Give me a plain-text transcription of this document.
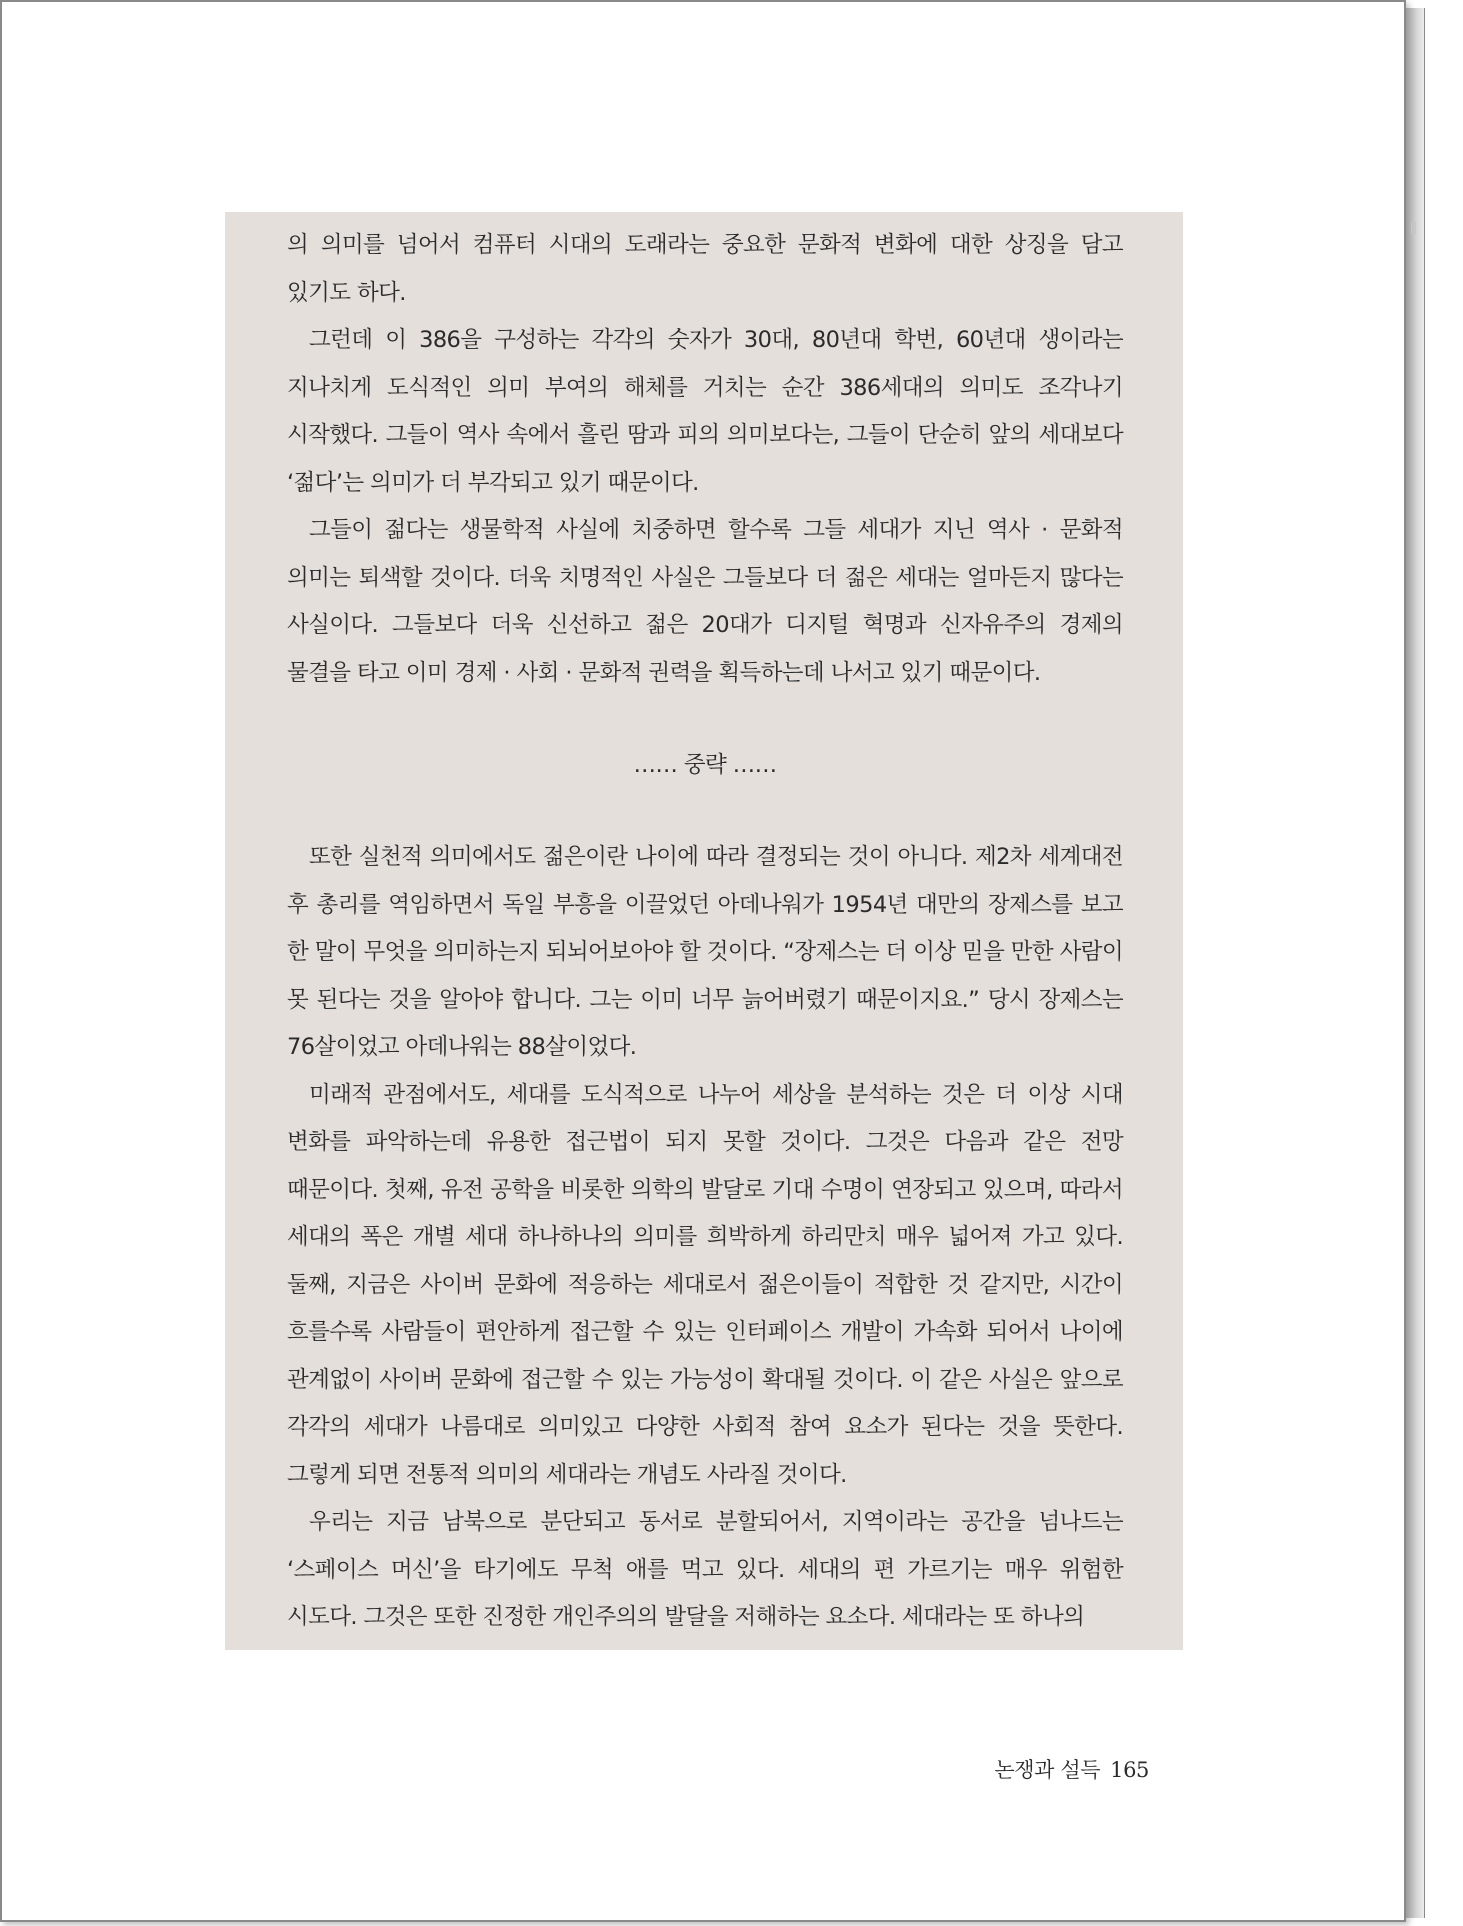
의 의미를 넘어서 컴퓨터 시대의 도래라는 중요한 문화적 변화에 대한 상징을 담고 있기도 하다.

그런데 이 386을 구성하는 각각의 숫자가 30대, 80년대 학번, 60년대 생이라는 지나치게 도식적인 의미 부여의 해체를 거치는 순간 386세대의 의미도 조각나기 시작했다. 그들이 역사 속에서 흘린 땀과 피의 의미보다는, 그들이 단순히 앞의 세대보다 ‘젊다’는 의미가 더 부각되고 있기 때문이다.

그들이 젊다는 생물학적 사실에 치중하면 할수록 그들 세대가 지닌 역사 · 문화적 의미는 퇴색할 것이다. 더욱 치명적인 사실은 그들보다 더 젊은 세대는 얼마든지 많다는 사실이다. 그들보다 더욱 신선하고 젊은 20대가 디지털 혁명과 신자유주의 경제의 물결을 타고 이미 경제 · 사회 · 문화적 권력을 획득하는데 나서고 있기 때문이다.

…… 중략 ……

또한 실천적 의미에서도 젊은이란 나이에 따라 결정되는 것이 아니다. 제2차 세계대전 후 총리를 역임하면서 독일 부흥을 이끌었던 아데나워가 1954년 대만의 장제스를 보고 한 말이 무엇을 의미하는지 되뇌어보아야 할 것이다. “장제스는 더 이상 믿을 만한 사람이 못 된다는 것을 알아야 합니다. 그는 이미 너무 늙어버렸기 때문이지요.” 당시 장제스는 76살이었고 아데나워는 88살이었다.

미래적 관점에서도, 세대를 도식적으로 나누어 세상을 분석하는 것은 더 이상 시대 변화를 파악하는데 유용한 접근법이 되지 못할 것이다. 그것은 다음과 같은 전망 때문이다. 첫째, 유전 공학을 비롯한 의학의 발달로 기대 수명이 연장되고 있으며, 따라서 세대의 폭은 개별 세대 하나하나의 의미를 희박하게 하리만치 매우 넓어져 가고 있다. 둘째, 지금은 사이버 문화에 적응하는 세대로서 젊은이들이 적합한 것 같지만, 시간이 흐를수록 사람들이 편안하게 접근할 수 있는 인터페이스 개발이 가속화 되어서 나이에 관계없이 사이버 문화에 접근할 수 있는 가능성이 확대될 것이다. 이 같은 사실은 앞으로 각각의 세대가 나름대로 의미있고 다양한 사회적 참여 요소가 된다는 것을 뜻한다. 그렇게 되면 전통적 의미의 세대라는 개념도 사라질 것이다.

우리는 지금 남북으로 분단되고 동서로 분할되어서, 지역이라는 공간을 넘나드는 ‘스페이스 머신’을 타기에도 무척 애를 먹고 있다. 세대의 편 가르기는 매우 위험한 시도다. 그것은 또한 진정한 개인주의의 발달을 저해하는 요소다. 세대라는 또 하나의

논쟁과 설득 165
